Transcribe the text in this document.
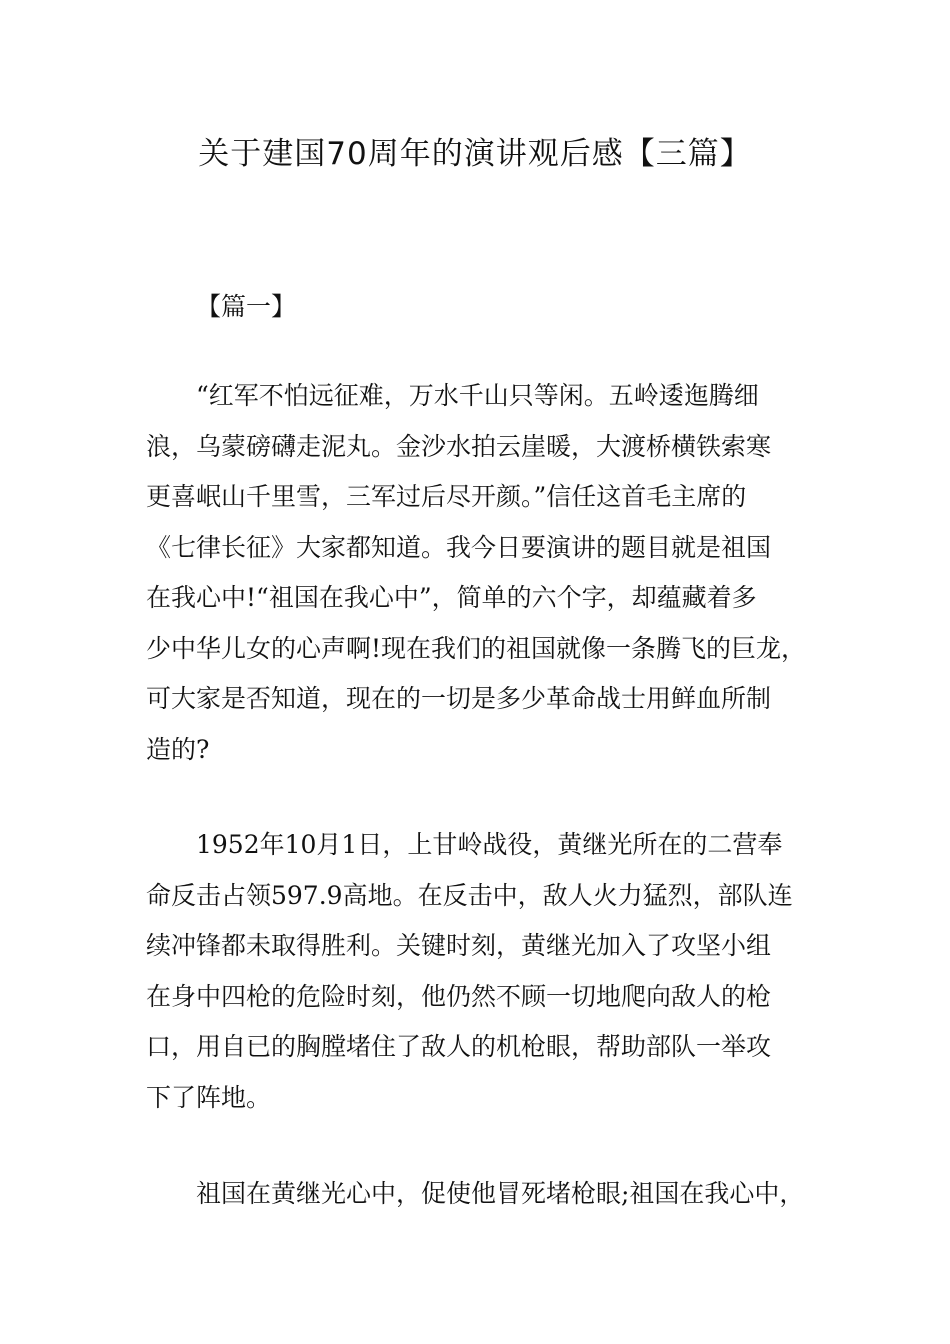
关于建国70周年的演讲观后感【三篇】
【篇一】
“红军不怕远征难，万水千山只等闲。五岭逶迤腾细
浪，乌蒙磅礴走泥丸。金沙水拍云崖暖，大渡桥横铁索寒
更喜岷山千里雪，三军过后尽开颜。”信任这首毛主席的
《七律长征》大家都知道。我今日要演讲的题目就是祖国
在我心中!“祖国在我心中”，简单的六个字，却蕴藏着多
少中华儿女的心声啊!现在我们的祖国就像一条腾飞的巨龙，
可大家是否知道，现在的一切是多少革命战士用鲜血所制
造的?
1952年10月1日，上甘岭战役，黄继光所在的二营奉
命反击占领597.9高地。在反击中，敌人火力猛烈，部队连
续冲锋都未取得胜利。关键时刻，黄继光加入了攻坚小组
在身中四枪的危险时刻，他仍然不顾一切地爬向敌人的枪
口，用自已的胸膛堵住了敌人的机枪眼，帮助部队一举攻
下了阵地。
祖国在黄继光心中，促使他冒死堵枪眼;祖国在我心中，
